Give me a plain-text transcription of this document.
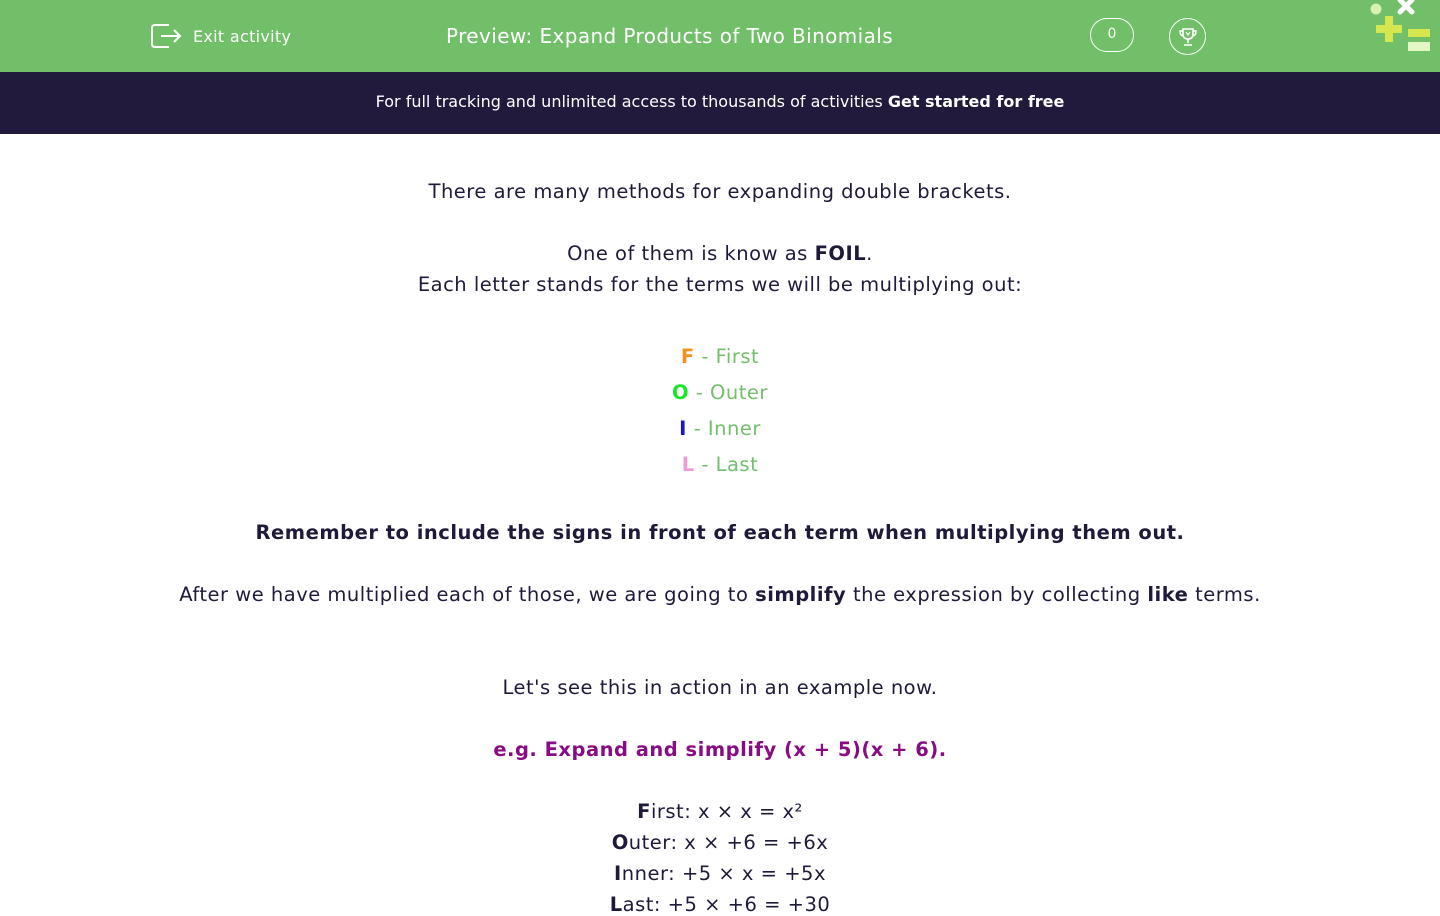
Exit activity	Preview: Expand Products of Two Binomials	0
For full tracking and unlimited access to thousands of activities Get started for free
There are many methods for expanding double brackets.
One of them is know as FOIL.
Each letter stands for the terms we will be multiplying out:
F - First
O - Outer
I - Inner
L - Last
Remember to include the signs in front of each term when multiplying them out.
After we have multiplied each of those, we are going to simplify the expression by collecting like terms.
Let's see this in action in an example now.
e.g. Expand and simplify (x + 5)(x + 6).
First: x × x = x²
Outer: x × +6 = +6x
Inner: +5 × x = +5x
Last: +5 × +6 = +30
